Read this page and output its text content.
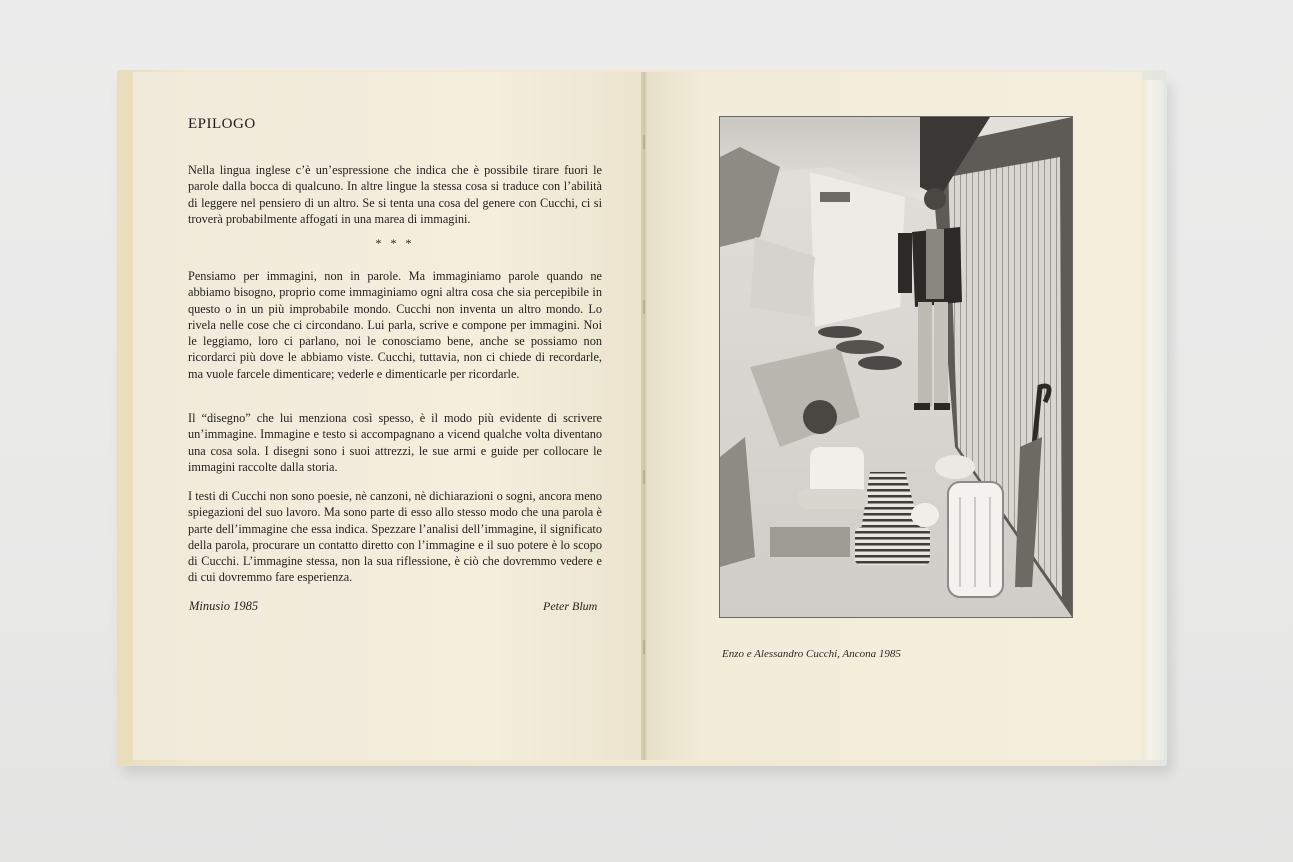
EPILOGO

Nella lingua inglese c’è un’espressione che indica che è possibile tirare fuori le parole dalla bocca di qualcuno. In altre lingue la stessa cosa si traduce con l’abilità di leggere nel pensiero di un altro. Se si tenta una cosa del genere con Cucchi, ci si troverà probabilmente affogati in una marea di immagini.

* * *

Pensiamo per immagini, non in parole. Ma immaginiamo parole quando ne abbiamo bisogno, proprio come immaginiamo ogni altra cosa che sia percepibile in questo o in un più improbabile mondo. Cucchi non inventa un altro mondo. Lo rivela nelle cose che ci circondano. Lui parla, scrive e compone per immagini. Noi le leggiamo, loro ci parlano, noi le conosciamo bene, anche se possiamo non ricordarci più dove le abbiamo viste. Cucchi, tuttavia, non ci chiede di recordarle, ma vuole farcele dimenticare; vederle e dimenticarle per ricordarle.

Il “disegno” che lui menziona così spesso, è il modo più evidente di scrivere un’immagine. Immagine e testo si accompagnano a vicend qualche volta diventano una cosa sola. I disegni sono i suoi attrezzi, le sue armi e guide per collocare le immagini raccolte dalla storia.

I testi di Cucchi non sono poesie, nè canzoni, nè dichiarazioni o sogni, ancora meno spiegazioni del suo lavoro. Ma sono parte di esso allo stesso modo che una parola è parte dell’immagine che essa indica. Spezzare l’analisi dell’immagine, il significato della parola, procurare un contatto diretto con l’immagine e il suo potere è lo scopo di Cucchi. L’immagine stessa, non la sua riflessione, è ciò che dovremmo vedere e di cui dovremmo fare esperienza.

Minusio 1985	Peter Blum
Enzo e Alessandro Cucchi, Ancona 1985
